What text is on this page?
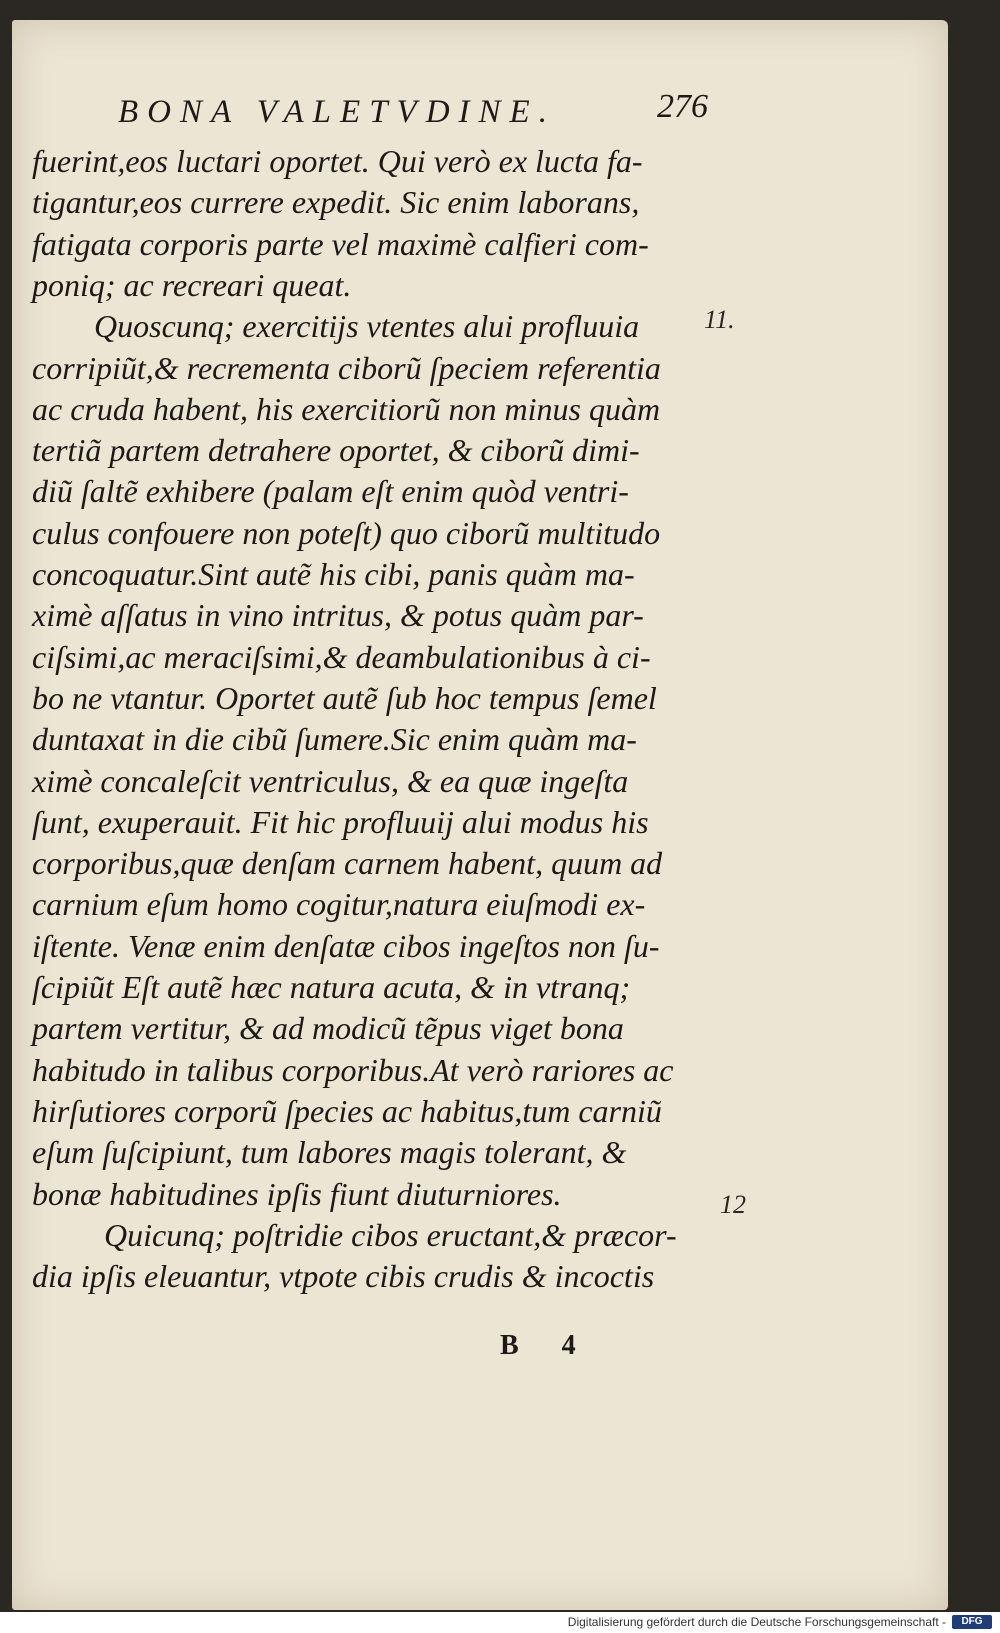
BONA VALETVDINE.	276
fuerint,eos luctari oportet. Qui verò ex lucta fa-
tigantur,eos currere expedit. Sic enim laborans,
fatigata corporis parte vel maximè calfieri com-
poniq; ac recreari queat.
Quoscunq; exercitijs vtentes alui profluuia
corripiũt,& recrementa ciborũ ſpeciem referentia
ac cruda habent, his exercitiorũ non minus quàm
tertiã partem detrahere oportet, & ciborũ dimi-
diũ ſaltẽ exhibere (palam eſt enim quòd ventri-
culus confouere non poteſt) quo ciborũ multitudo
concoquatur.Sint autẽ his cibi, panis quàm ma-
ximè aſſatus in vino intritus, & potus quàm par-
ciſsimi,ac meraciſsimi,& deambulationibus à ci-
bo ne vtantur. Oportet autẽ ſub hoc tempus ſemel
duntaxat in die cibũ ſumere.Sic enim quàm ma-
ximè concaleſcit ventriculus, & ea quæ ingeſta
ſunt, exuperauit. Fit hic profluuij alui modus his
corporibus,quæ denſam carnem habent, quum ad
carnium eſum homo cogitur,natura eiuſmodi ex-
iſtente. Venæ enim denſatæ cibos ingeſtos non ſu-
ſcipiũt Eſt autẽ hæc natura acuta, & in vtranq;
partem vertitur, & ad modicũ tẽpus viget bona
habitudo in talibus corporibus.At verò rariores ac
hirſutiores corporũ ſpecies ac habitus,tum carniũ
eſum ſuſcipiunt, tum labores magis tolerant, &
bonæ habitudines ipſis fiunt diuturniores.
Quicunq; poſtridie cibos eructant,& præcor-
dia ipſis eleuantur, vtpote cibis crudis & incoctis
11.
12
B 4
Digitalisierung gefördert durch die Deutsche Forschungsgemeinschaft -	DFG
